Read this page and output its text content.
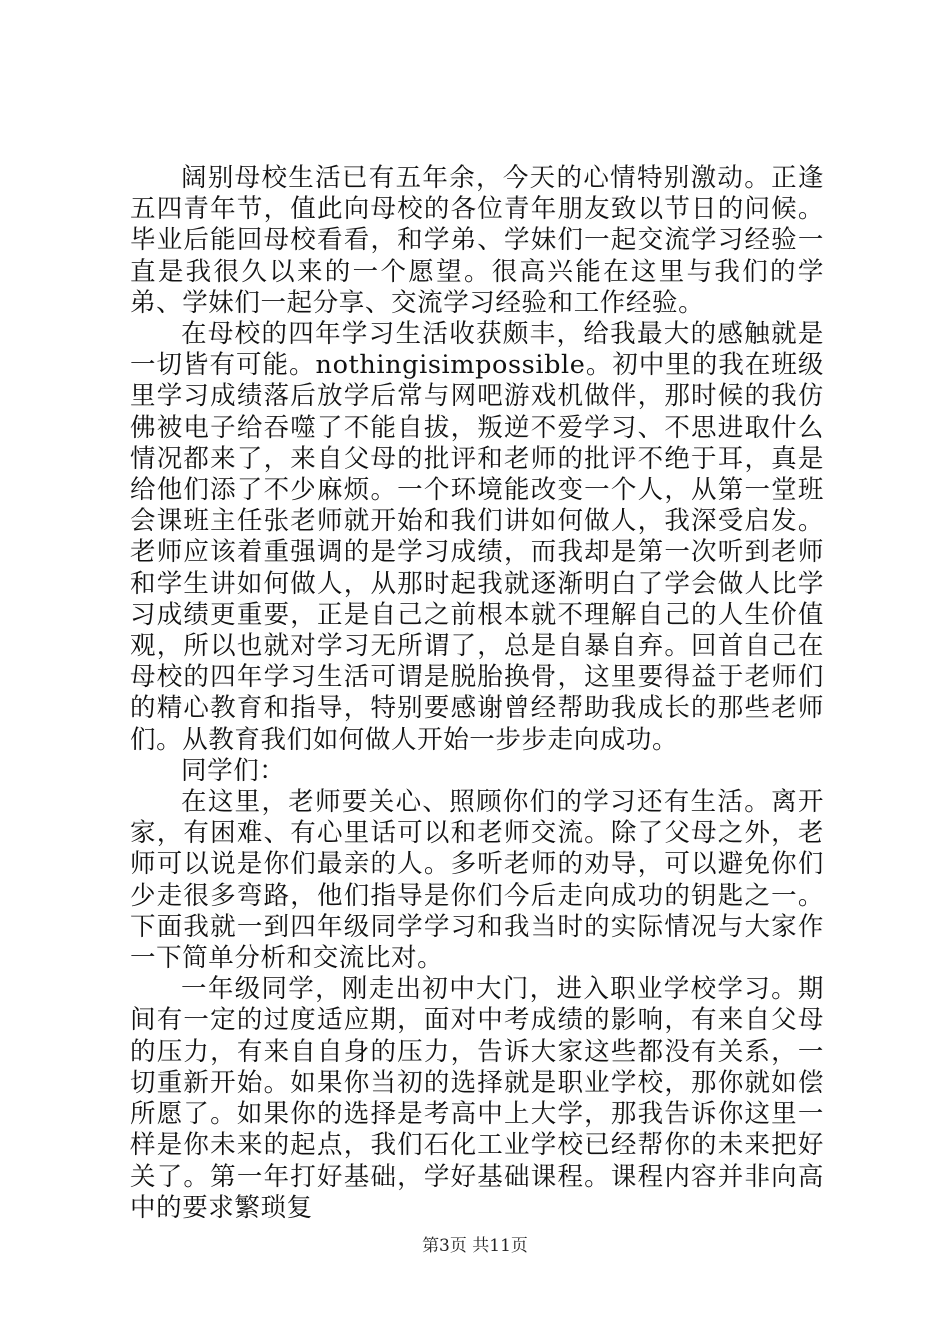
阔别母校生活已有五年余，今天的心情特别激动。正逢五四青年节，值此向母校的各位青年朋友致以节日的问候。毕业后能回母校看看，和学弟、学妹们一起交流学习经验一直是我很久以来的一个愿望。很高兴能在这里与我们的学弟、学妹们一起分享、交流学习经验和工作经验。

在母校的四年学习生活收获颇丰，给我最大的感触就是一切皆有可能。nothingisimpossible。初中里的我在班级里学习成绩落后放学后常与网吧游戏机做伴，那时候的我仿佛被电子给吞噬了不能自拔，叛逆不爱学习、不思进取什么情况都来了，来自父母的批评和老师的批评不绝于耳，真是给他们添了不少麻烦。一个环境能改变一个人，从第一堂班会课班主任张老师就开始和我们讲如何做人，我深受启发。老师应该着重强调的是学习成绩，而我却是第一次听到老师和学生讲如何做人，从那时起我就逐渐明白了学会做人比学习成绩更重要，正是自己之前根本就不理解自己的人生价值观，所以也就对学习无所谓了，总是自暴自弃。回首自己在母校的四年学习生活可谓是脱胎换骨，这里要得益于老师们的精心教育和指导，特别要感谢曾经帮助我成长的那些老师们。从教育我们如何做人开始一步步走向成功。

同学们：

在这里，老师要关心、照顾你们的学习还有生活。离开家，有困难、有心里话可以和老师交流。除了父母之外，老师可以说是你们最亲的人。多听老师的劝导，可以避免你们少走很多弯路，他们指导是你们今后走向成功的钥匙之一。下面我就一到四年级同学学习和我当时的实际情况与大家作一下简单分析和交流比对。

一年级同学，刚走出初中大门，进入职业学校学习。期间有一定的过度适应期，面对中考成绩的影响，有来自父母的压力，有来自自身的压力，告诉大家这些都没有关系，一切重新开始。如果你当初的选择就是职业学校，那你就如偿所愿了。如果你的选择是考高中上大学，那我告诉你这里一样是你未来的起点，我们石化工业学校已经帮你的未来把好关了。第一年打好基础，学好基础课程。课程内容并非向高中的要求繁琐复

第3页 共11页
